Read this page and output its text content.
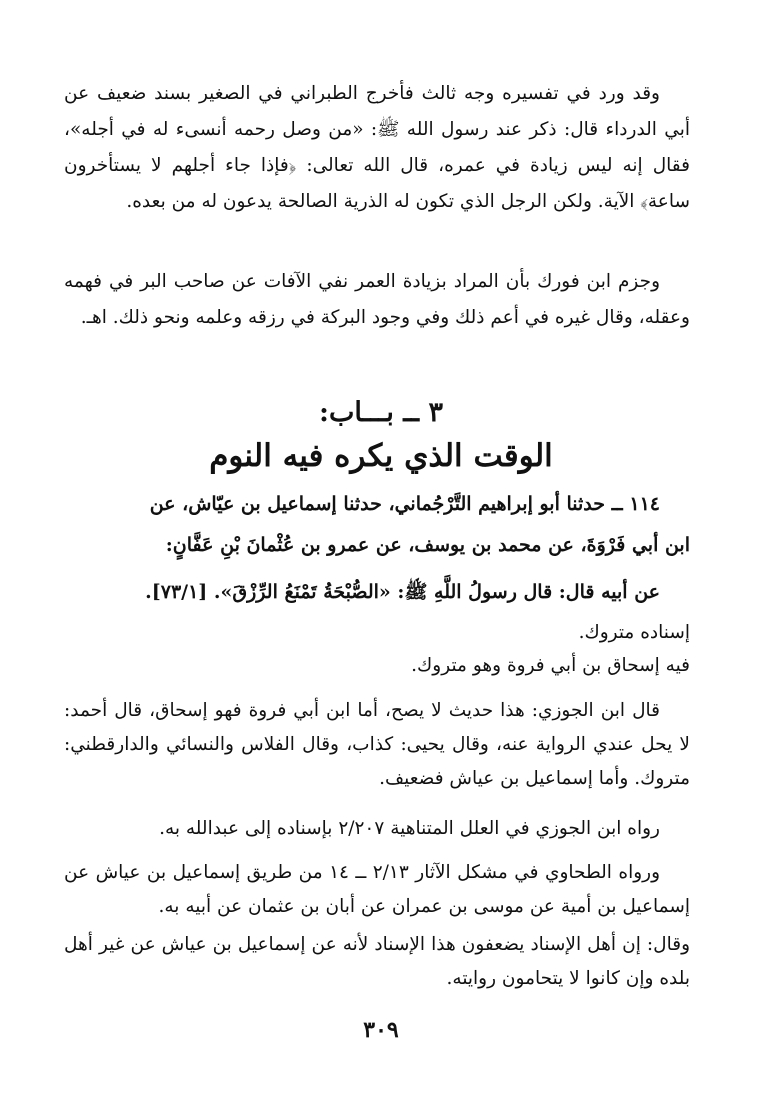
وقد ورد في تفسيره وجه ثالث فأخرج الطبراني في الصغير بسند ضعيف عن أبي الدرداء قال: ذكر عند رسول الله ﷺ: «من وصل رحمه أنسىء له في أجله»، فقال إنه ليس زيادة في عمره، قال الله تعالى: ﴿فإذا جاء أجلهم لا يستأخرون ساعة﴾ الآية. ولكن الرجل الذي تكون له الذرية الصالحة يدعون له من بعده.

وجزم ابن فورك بأن المراد بزيادة العمر نفي الآفات عن صاحب البر في فهمه وعقله، وقال غيره في أعم ذلك وفي وجود البركة في رزقه وعلمه ونحو ذلك. اهـ.

٣ ــ بـــاب:
الوقت الذي يكره فيه النوم
١١٤ ــ حدثنا أبو إبراهيم التَّرْجُماني، حدثنا إسماعيل بن عيّاش، عن
ابن أبي فَرْوَةَ، عن محمد بن يوسف، عن عمرو بن عُثْمانَ بْنِ عَفَّانٍ:
عن أبيه قال: قال رسولُ اللَّهِ ﷺ: «الصُّبْحَةُ تَمْنَعُ الرِّزْقَ». [٧٣/١].
إسناده متروك.
فيه إسحاق بن أبي فروة وهو متروك.

قال ابن الجوزي: هذا حديث لا يصح، أما ابن أبي فروة فهو إسحاق، قال أحمد: لا يحل عندي الرواية عنه، وقال يحيى: كذاب، وقال الفلاس والنسائي والدارقطني: متروك. وأما إسماعيل بن عياش فضعيف.

رواه ابن الجوزي في العلل المتناهية ٢/٢٠٧ بإسناده إلى عبدالله به.

ورواه الطحاوي في مشكل الآثار ٢/١٣ ــ ١٤ من طريق إسماعيل بن عياش عن إسماعيل بن أمية عن موسى بن عمران عن أبان بن عثمان عن أبيه به.

وقال: إن أهل الإسناد يضعفون هذا الإسناد لأنه عن إسماعيل بن عياش عن غير أهل بلده وإن كانوا لا يتحامون روايته.

٣٠٩
